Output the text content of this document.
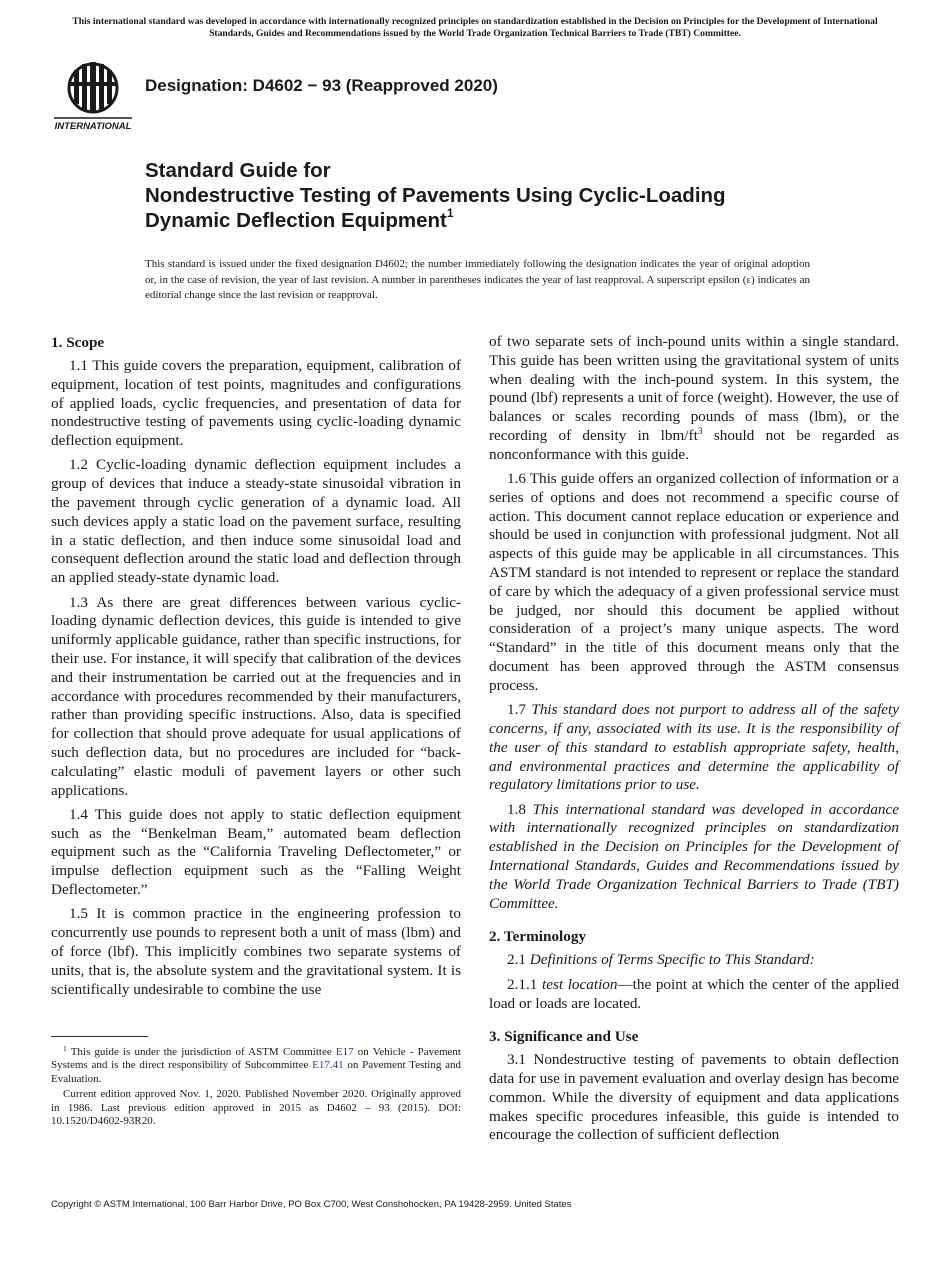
This international standard was developed in accordance with internationally recognized principles on standardization established in the Decision on Principles for the Development of International Standards, Guides and Recommendations issued by the World Trade Organization Technical Barriers to Trade (TBT) Committee.
INTERNATIONAL
Designation: D4602 − 93 (Reapproved 2020)
Standard Guide for
Nondestructive Testing of Pavements Using Cyclic-Loading
Dynamic Deflection Equipment$^1$
This standard is issued under the fixed designation D4602; the number immediately following the designation indicates the year of original adoption or, in the case of revision, the year of last revision. A number in parentheses indicates the year of last reapproval. A superscript epsilon (ε) indicates an editorial change since the last revision or reapproval.
1. Scope

1.1 This guide covers the preparation, equipment, calibration of equipment, location of test points, magnitudes and configurations of applied loads, cyclic frequencies, and presentation of data for nondestructive testing of pavements using cyclic-loading dynamic deflection equipment.

1.2 Cyclic-loading dynamic deflection equipment includes a group of devices that induce a steady-state sinusoidal vibration in the pavement through cyclic generation of a dynamic load. All such devices apply a static load on the pavement surface, resulting in a static deflection, and then induce some sinusoidal load and consequent deflection around the static load and deflection through an applied steady-state dynamic load.

1.3 As there are great differences between various cyclic-loading dynamic deflection devices, this guide is intended to give uniformly applicable guidance, rather than specific instructions, for their use. For instance, it will specify that calibration of the devices and their instrumentation be carried out at the frequencies and in accordance with procedures recommended by their manufacturers, rather than providing specific instructions. Also, data is specified for collection that should prove adequate for usual applications of such deflection data, but no procedures are included for “back-calculating” elastic moduli of pavement layers or other such applications.

1.4 This guide does not apply to static deflection equipment such as the “Benkelman Beam,” automated beam deflection equipment such as the “California Traveling Deflectometer,” or impulse deflection equipment such as the “Falling Weight Deflectometer.”

1.5 It is common practice in the engineering profession to concurrently use pounds to represent both a unit of mass (lbm) and of force (lbf). This implicitly combines two separate systems of units, that is, the absolute system and the gravitational system. It is scientifically undesirable to combine the use

of two separate sets of inch-pound units within a single standard. This guide has been written using the gravitational system of units when dealing with the inch-pound system. In this system, the pound (lbf) represents a unit of force (weight). However, the use of balances or scales recording pounds of mass (lbm), or the recording of density in lbm/$ft^3$ should not be regarded as nonconformance with this guide.

1.6 This guide offers an organized collection of information or a series of options and does not recommend a specific course of action. This document cannot replace education or experience and should be used in conjunction with professional judgment. Not all aspects of this guide may be applicable in all circumstances. This ASTM standard is not intended to represent or replace the standard of care by which the adequacy of a given professional service must be judged, nor should this document be applied without consideration of a project’s many unique aspects. The word “Standard” in the title of this document means only that the document has been approved through the ASTM consensus process.

1.7 This standard does not purport to address all of the safety concerns, if any, associated with its use. It is the responsibility of the user of this standard to establish appropriate safety, health, and environmental practices and determine the applicability of regulatory limitations prior to use.

1.8 This international standard was developed in accordance with internationally recognized principles on standardization established in the Decision on Principles for the Development of International Standards, Guides and Recommendations issued by the World Trade Organization Technical Barriers to Trade (TBT) Committee.

2. Terminology

2.1 Definitions of Terms Specific to This Standard:

2.1.1 test location—the point at which the center of the applied load or loads are located.

3. Significance and Use

3.1 Nondestructive testing of pavements to obtain deflection data for use in pavement evaluation and overlay design has become common. While the diversity of equipment and data applications makes specific procedures infeasible, this guide is intended to encourage the collection of sufficient deflection

$^1$ This guide is under the jurisdiction of ASTM Committee E17 on Vehicle - Pavement Systems and is the direct responsibility of Subcommittee E17.41 on Pavement Testing and Evaluation.

Current edition approved Nov. 1, 2020. Published November 2020. Originally approved in 1986. Last previous edition approved in 2015 as D4602 – 93 (2015). DOI: 10.1520/D4602-93R20.

Copyright © ASTM International, 100 Barr Harbor Drive, PO Box C700, West Conshohocken, PA 19428-2959. United States
